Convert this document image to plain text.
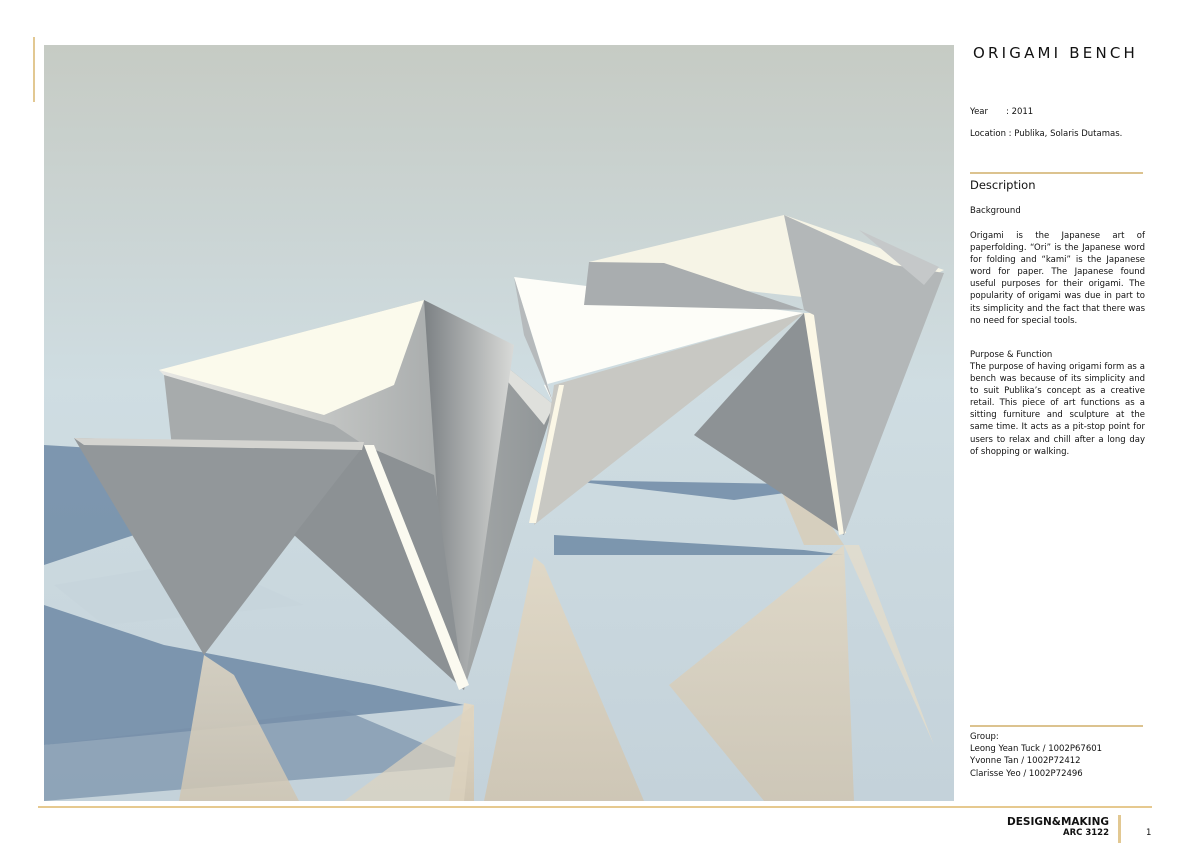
ORIGAMI BENCH
Year : 2011
Location : Publika, Solaris Dutamas.
Description
Background
Origami is the Japanese art of paperfolding. “Ori” is the Japanese word for folding and “kami” is the Japanese word for paper. The Japanese found useful purposes for their origami. The popularity of origami was due in part to its simplicity and the fact that there was no need for special tools.
Purpose & Function
The purpose of having origami form as a bench was because of its simplicity and to suit Publika’s concept as a creative retail. This piece of art functions as a sitting furniture and sculpture at the same time. It acts as a pit-stop point for users to relax and chill after a long day of shopping or walking.
Group:
Leong Yean Tuck / 1002P67601
Yvonne Tan / 1002P72412
Clarisse Yeo / 1002P72496
DESIGN&MAKING
ARC 3122	1
